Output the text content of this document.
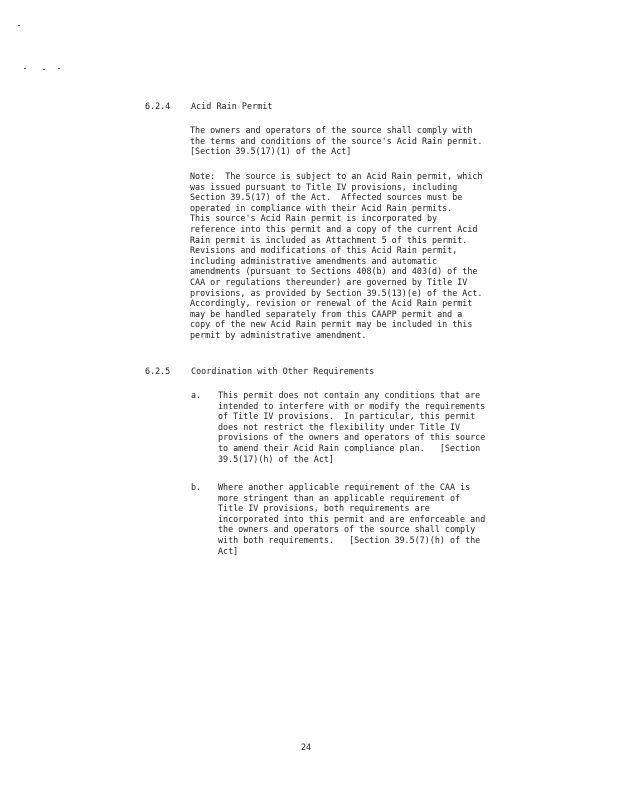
6.2.4 Acid Rain Permit
The owners and operators of the source shall comply with
the terms and conditions of the source's Acid Rain permit.
[Section 39.5(17)(1) of the Act]
Note:  The source is subject to an Acid Rain permit, which
was issued pursuant to Title IV provisions, including
Section 39.5(17) of the Act.  Affected sources must be
operated in compliance with their Acid Rain permits.
This source's Acid Rain permit is incorporated by
reference into this permit and a copy of the current Acid
Rain permit is included as Attachment 5 of this permit.
Revisions and modifications of this Acid Rain permit,
including administrative amendments and automatic
amendments (pursuant to Sections 408(b) and 403(d) of the
CAA or regulations thereunder) are governed by Title IV
provisions, as provided by Section 39.5(13)(e) of the Act.
Accordingly, revision or renewal of the Acid Rain permit
may be handled separately from this CAAPP permit and a
copy of the new Acid Rain permit may be included in this
permit by administrative amendment.
6.2.5 Coordination with Other Requirements
a. This permit does not contain any conditions that are
intended to interfere with or modify the requirements
of Title IV provisions.  In particular, this permit
does not restrict the flexibility under Title IV
provisions of the owners and operators of this source
to amend their Acid Rain compliance plan.   [Section
39.5(17)(h) of the Act]
b. Where another applicable requirement of the CAA is
more stringent than an applicable requirement of
Title IV provisions, both requirements are
incorporated into this permit and are enforceable and
the owners and operators of the source shall comply
with both requirements.   [Section 39.5(7)(h) of the
Act]
24
